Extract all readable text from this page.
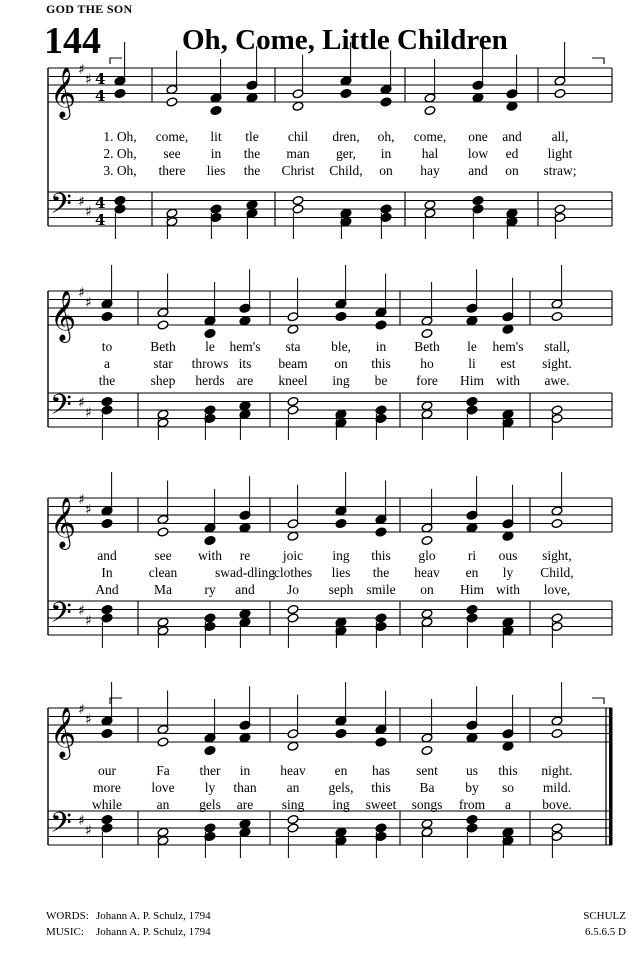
GOD THE SON
144	Oh, Come, Little Children
𝄞
𝄢
♯
♯
♯
♯
4
4
4
4
𝄞
𝄢
♯
♯
♯
♯
𝄞
𝄢
♯
♯
♯
♯
𝄞
𝄢
♯
♯
♯
♯
1. Oh, come, lit tle chil dren, oh, come, one and all,
2. Oh, see in the man ger, in hal low ed light
3. Oh, there lies the Christ Child, on hay and on straw;
to	Beth le hem's sta ble, in Beth le hem's stall,
a	star throws its beam on this ho	li est sight.
the	shep herds are kneel ing be fore Him with awe.
and	see with re joic ing this glo ri ous sight,
In	clean	swad-dling
clothes lies the heav en ly Child,
And	Ma ry and Jo seph smile on Him with love,
our	Fa ther in heav en has sent us this night.
more love ly than an gels, this Ba by so mild.
while	an gels are sing ing sweet songs from a bove.
WORDS: Johann A. P. Schulz, 1794
MUSIC: Johann A. P. Schulz, 1794
SCHULZ
6.5.6.5 D
